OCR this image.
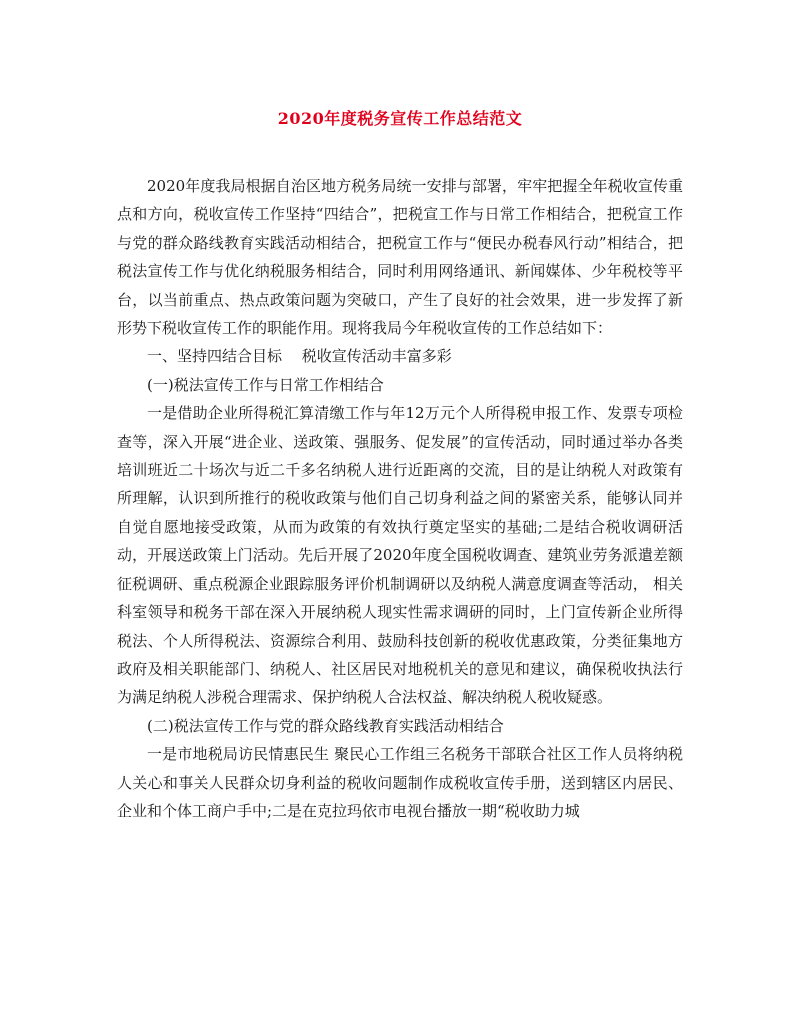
2020年度税务宣传工作总结范文

2020年度我局根据自治区地方税务局统一安排与部署，牢牢把握全年税收宣传重点和方向，税收宣传工作坚持“四结合”，把税宣工作与日常工作相结合，把税宣工作与党的群众路线教育实践活动相结合，把税宣工作与“便民办税春风行动”相结合，把税法宣传工作与优化纳税服务相结合，同时利用网络通讯、新闻媒体、少年税校等平台，以当前重点、热点政策问题为突破口，产生了良好的社会效果，进一步发挥了新形势下税收宣传工作的职能作用。现将我局今年税收宣传的工作总结如下：

一、坚持四结合目标　 税收宣传活动丰富多彩

(一)税法宣传工作与日常工作相结合

一是借助企业所得税汇算清缴工作与年12万元个人所得税申报工作、发票专项检查等，深入开展“进企业、送政策、强服务、促发展”的宣传活动，同时通过举办各类培训班近二十场次与近二千多名纳税人进行近距离的交流，目的是让纳税人对政策有所理解，认识到所推行的税收政策与他们自己切身利益之间的紧密关系，能够认同并自觉自愿地接受政策，从而为政策的有效执行奠定坚实的基础;二是结合税收调研活动，开展送政策上门活动。先后开展了2020年度全国税收调查、建筑业劳务派遣差额征税调研、重点税源企业跟踪服务评价机制调研以及纳税人满意度调查等活动， 相关科室领导和税务干部在深入开展纳税人现实性需求调研的同时，上门宣传新企业所得税法、个人所得税法、资源综合利用、鼓励科技创新的税收优惠政策，分类征集地方政府及相关职能部门、纳税人、社区居民对地税机关的意见和建议，确保税收执法行为满足纳税人涉税合理需求、保护纳税人合法权益、解决纳税人税收疑惑。

(二)税法宣传工作与党的群众路线教育实践活动相结合

一是市地税局访民情惠民生 聚民心工作组三名税务干部联合社区工作人员将纳税人关心和事关人民群众切身利益的税收问题制作成税收宣传手册，送到辖区内居民、企业和个体工商户手中;二是在克拉玛依市电视台播放一期“税收助力城
